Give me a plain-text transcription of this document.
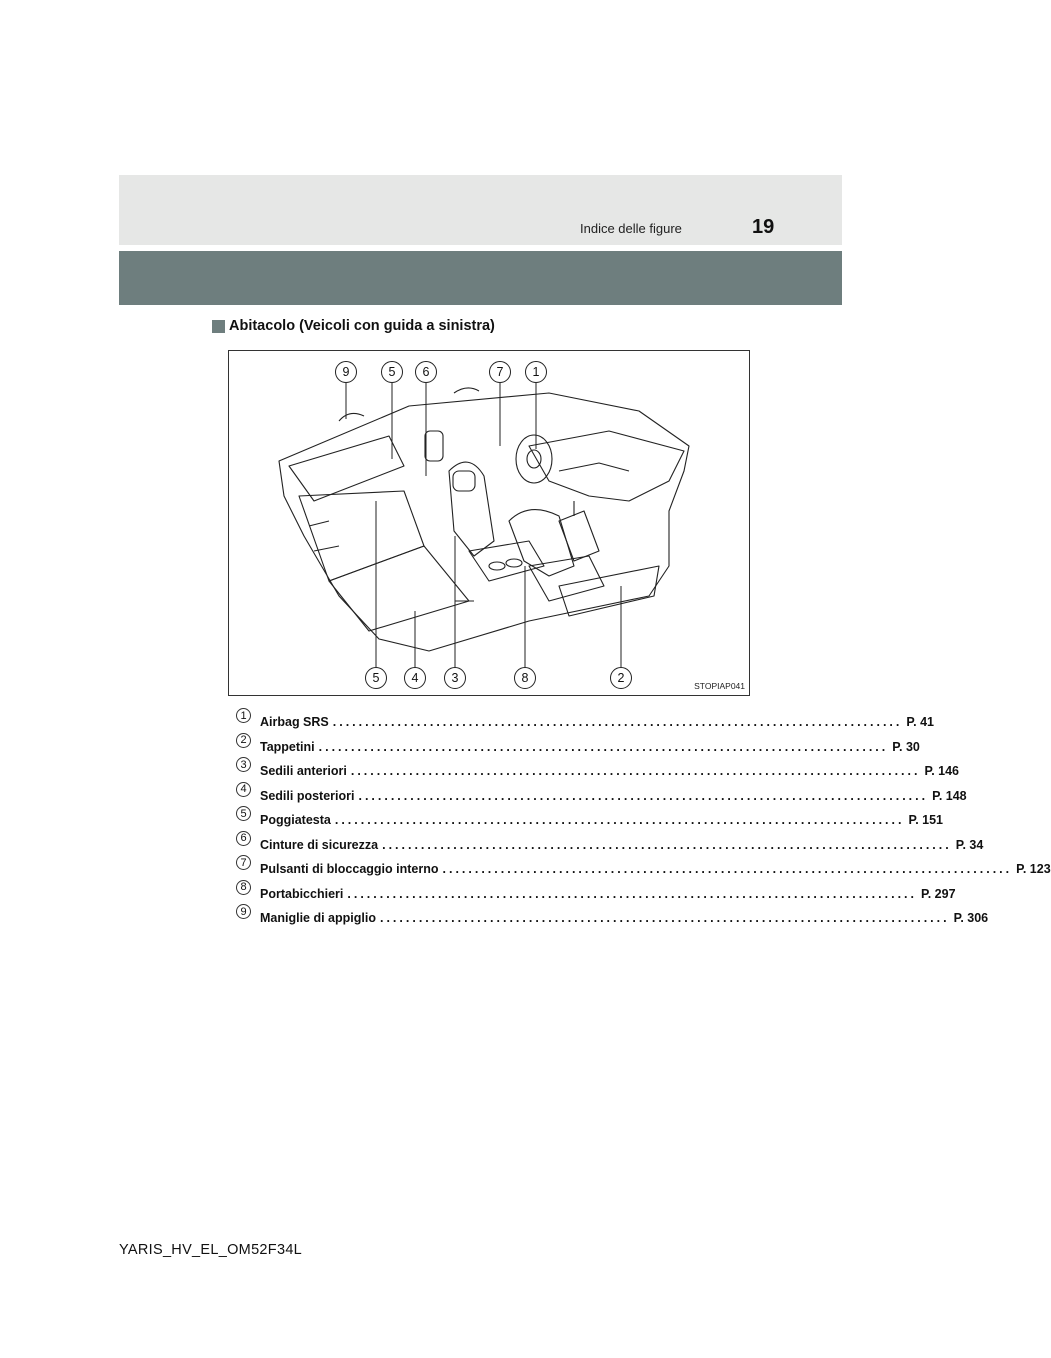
Indice delle figure	19
Abitacolo (Veicoli con guida a sinistra)
9	5	6	7	1
5	4	3	8	2
STOPIAP041
1	Airbag SRS ........................................................................................ P. 41
2	Tappetini ........................................................................................ P. 30
3	Sedili anteriori ........................................................................................ P. 146
4	Sedili posteriori ........................................................................................ P. 148
5	Poggiatesta ........................................................................................ P. 151
6	Cinture di sicurezza ........................................................................................ P. 34
7	Pulsanti di bloccaggio interno ........................................................................................ P. 123
8	Portabicchieri ........................................................................................ P. 297
9	Maniglie di appiglio ........................................................................................ P. 306
YARIS_HV_EL_OM52F34L
